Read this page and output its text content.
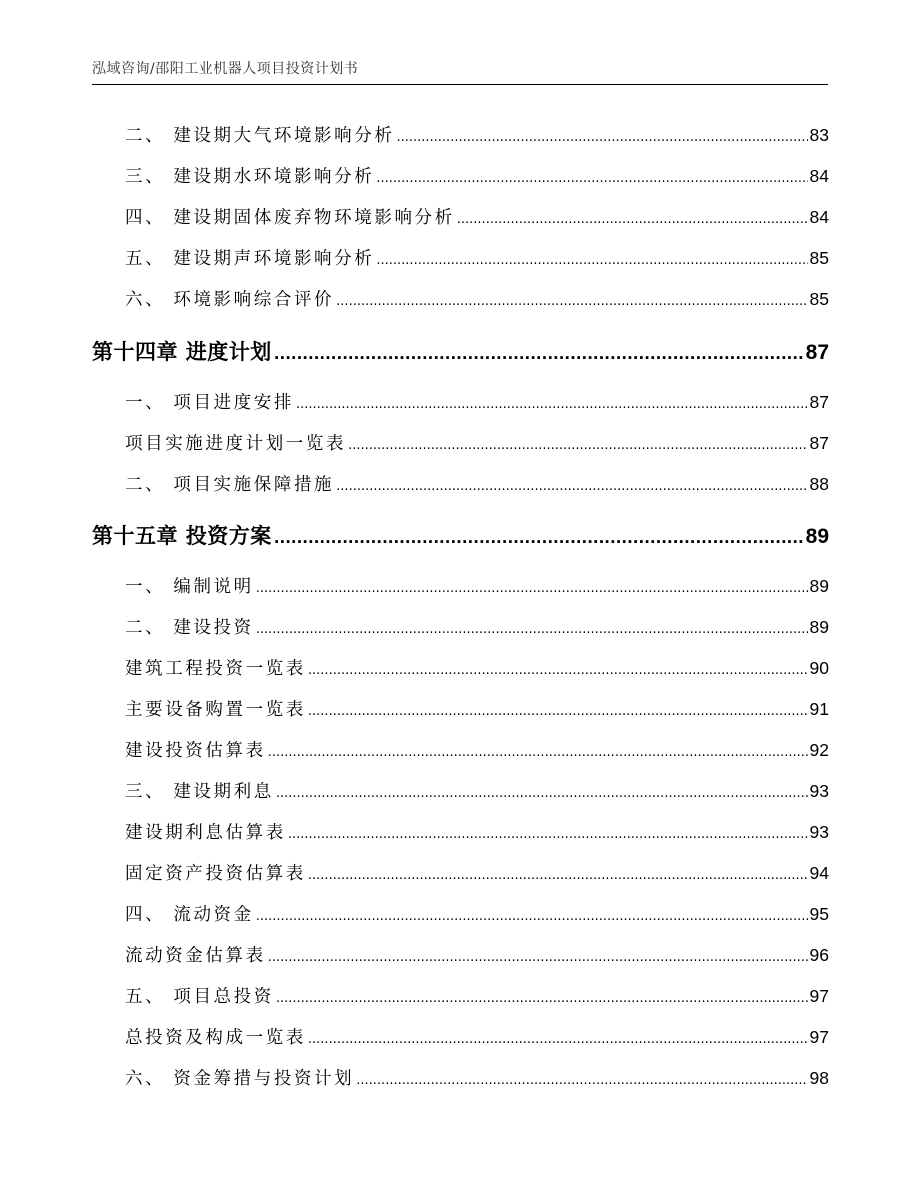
泓域咨询/邵阳工业机器人项目投资计划书
二、 建设期大气环境影响分析 .....	83
三、 建设期水环境影响分析 .....	84
四、 建设期固体废弃物环境影响分析 .....	84
五、 建设期声环境影响分析 .....	85
六、 环境影响综合评价 .....	85
第十四章 进度计划 .....	87
一、 项目进度安排 .....	87
项目实施进度计划一览表 .....	87
二、 项目实施保障措施 .....	88
第十五章 投资方案 .....	89
一、 编制说明 .....	89
二、 建设投资 .....	89
建筑工程投资一览表 .....	90
主要设备购置一览表 .....	91
建设投资估算表 .....	92
三、 建设期利息 .....	93
建设期利息估算表 .....	93
固定资产投资估算表 .....	94
四、 流动资金 .....	95
流动资金估算表 .....	96
五、 项目总投资 .....	97
总投资及构成一览表 .....	97
六、 资金筹措与投资计划 .....	98
